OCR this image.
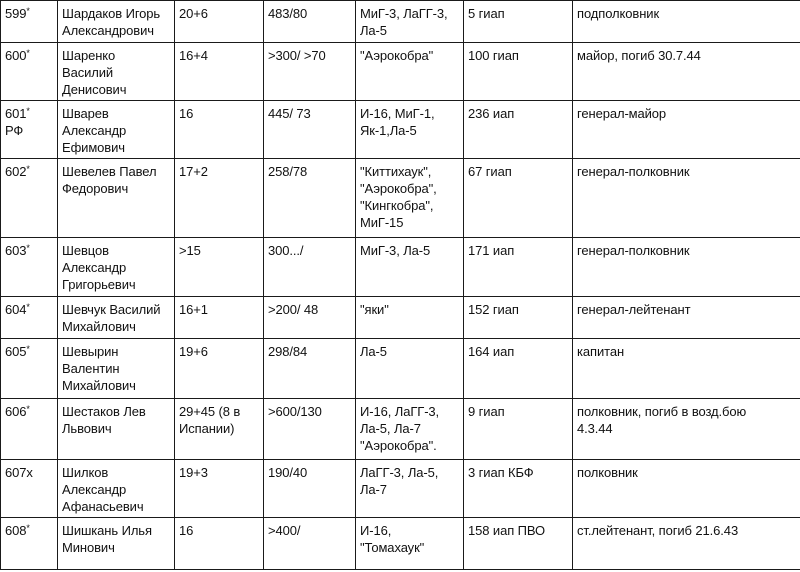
599*	Шардаков Игорь
Александрович	20+6	483/80	МиГ-3, ЛаГГ-3,
Ла-5	5 гиап	подполковник
600*	Шаренко
Василий
Денисович	16+4	>300/ >70	"Аэрокобра"	100 гиап	майор, погиб 30.7.44
601*
РФ	Шварев
Александр
Ефимович	16	445/ 73	И-16, МиГ-1,
Як-1,Ла-5	236 иап	генерал-майор
602*	Шевелев Павел
Федорович	17+2	258/78	"Киттихаук",
"Аэрокобра",
"Кингкобра",
МиГ-15	67 гиап	генерал-полковник
603*	Шевцов
Александр
Григорьевич	>15	300.../	МиГ-3, Ла-5	171 иап	генерал-полковник
604*	Шевчук Василий
Михайлович	16+1	>200/ 48	"яки"	152 гиап	генерал-лейтенант
605*	Шевырин
Валентин
Михайлович	19+6	298/84	Ла-5	164 иап	капитан
606*	Шестаков Лев
Львович	29+45 (8 в
Испании)	>600/130	И-16, ЛаГГ-3,
Ла-5, Ла-7
"Аэрокобра".	9 гиап	полковник, погиб в возд.бою
4.3.44
607x	Шилков
Александр
Афанасьевич	19+3	190/40	ЛаГГ-3, Ла-5,
Ла-7	3 гиап КБФ	полковник
608*	Шишкань Илья
Минович	16	>400/	И-16,
"Томахаук"	158 иап ПВО	ст.лейтенант, погиб 21.6.43
